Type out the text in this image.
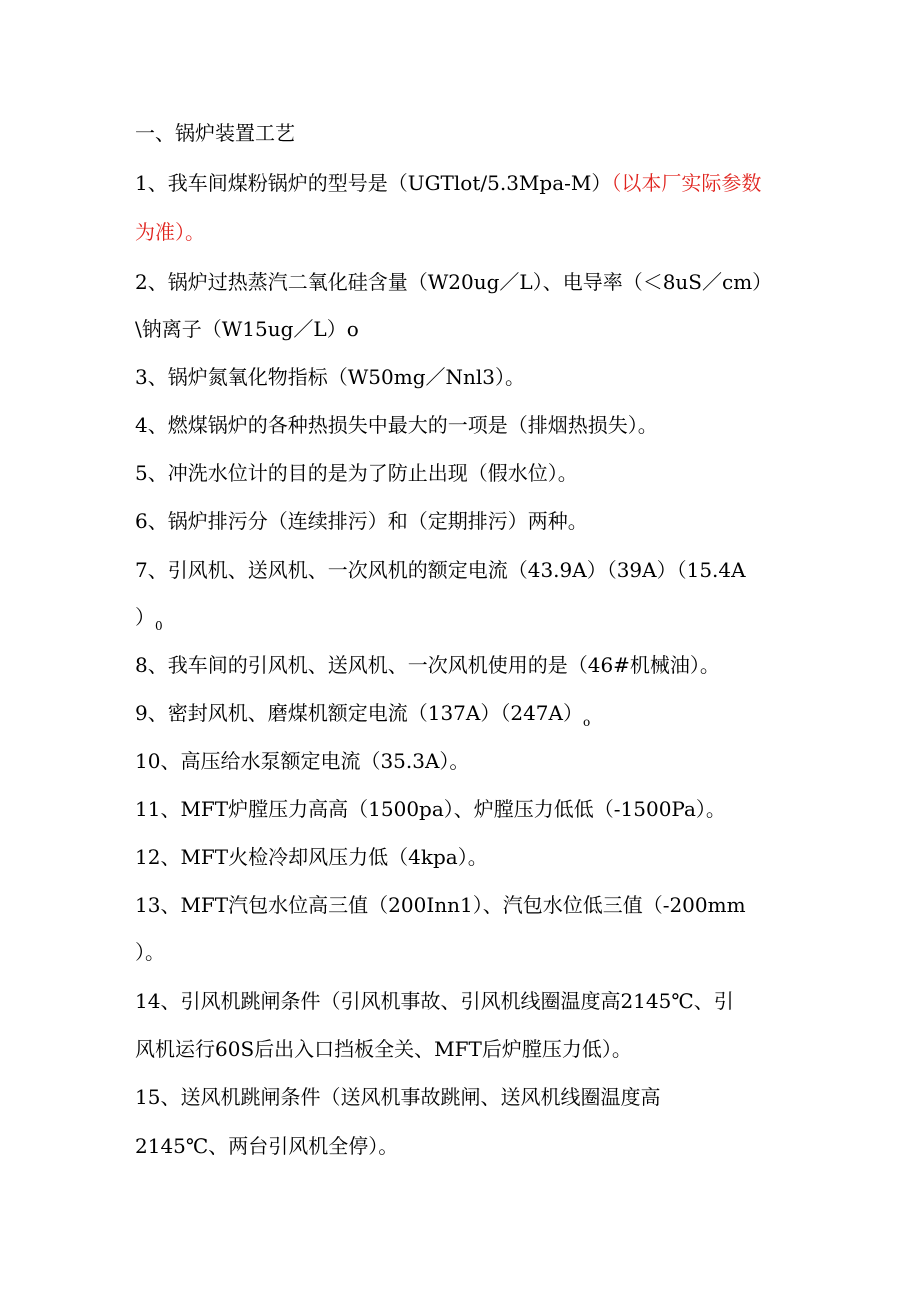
一、锅炉装置工艺
1、我车间煤粉锅炉的型号是（UGTlot/5.3Mpa-M）（以本厂实际参数
为准）。
2、锅炉过热蒸汽二氧化硅含量（W20ug／L）、电导率（＜8uS／cm）
\钠离子（W15ug／L）o
3、锅炉氮氧化物指标（W50mg／Nnl3）。
4、燃煤锅炉的各种热损失中最大的一项是（排烟热损失）。
5、冲洗水位计的目的是为了防止出现（假水位）。
6、锅炉排污分（连续排污）和（定期排污）两种。
7、引风机、送风机、一次风机的额定电流（43.9A）（39A）（15.4A
）$_0$
8、我车间的引风机、送风机、一次风机使用的是（46#机械油）。
9、密封风机、磨煤机额定电流$(137A)(247A)_o$
10、高压给水泵额定电流（35.3A）。
11、MFT炉膛压力高高（1500pa）、炉膛压力低低（-1500Pa）。
12、MFT火检冷却风压力低（4kpa）。
13、MFT汽包水位高三值（200Inn1）、汽包水位低三值（-200mm
）。
14、引风机跳闸条件（引风机事故、引风机线圈温度高2145℃、引
风机运行60S后出入口挡板全关、MFT后炉膛压力低）。
15、送风机跳闸条件（送风机事故跳闸、送风机线圈温度高
2145℃、两台引风机全停）。
